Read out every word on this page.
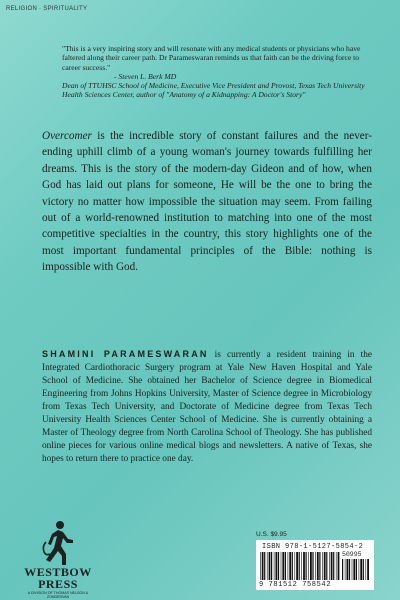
RELIGION · SPIRITUALITY

"This is a very inspiring story and will resonate with any medical students or physicians who have faltered along their career path. Dr Parameswaran reminds us that faith can be the driving force to career success."

- Steven L. Berk MD

Dean of TTUHSC School of Medicine, Executive Vice President and Provost, Texas Tech University Health Sciences Center, author of "Anatomy of a Kidnapping: A Doctor's Story"

Overcomer is the incredible story of constant failures and the never-ending uphill climb of a young woman's journey towards fulfilling her dreams. This is the story of the modern-day Gideon and of how, when God has laid out plans for someone, He will be the one to bring the victory no matter how impossible the situation may seem. From failing out of a world-renowned institution to matching into one of the most competitive specialties in the country, this story highlights one of the most important fundamental principles of the Bible: nothing is impossible with God.

SHAMINI PARAMESWARAN is currently a resident training in the Integrated Cardiothoracic Surgery program at Yale New Haven Hospital and Yale School of Medicine. She obtained her Bachelor of Science degree in Biomedical Engineering from Johns Hopkins University, Master of Science degree in Microbiology from Texas Tech University, and Doctorate of Medicine degree from Texas Tech University Health Sciences Center School of Medicine. She is currently obtaining a Master of Theology degree from North Carolina School of Theology. She has published online pieces for various online medical blogs and newsletters. A native of Texas, she hopes to return there to practice one day.

U.S. $9.95
ISBN 978-1-5127-5854-2
50995
9 781512 758542
WESTBOW PRESS
A DIVISION OF THOMAS NELSON & ZONDERVAN
